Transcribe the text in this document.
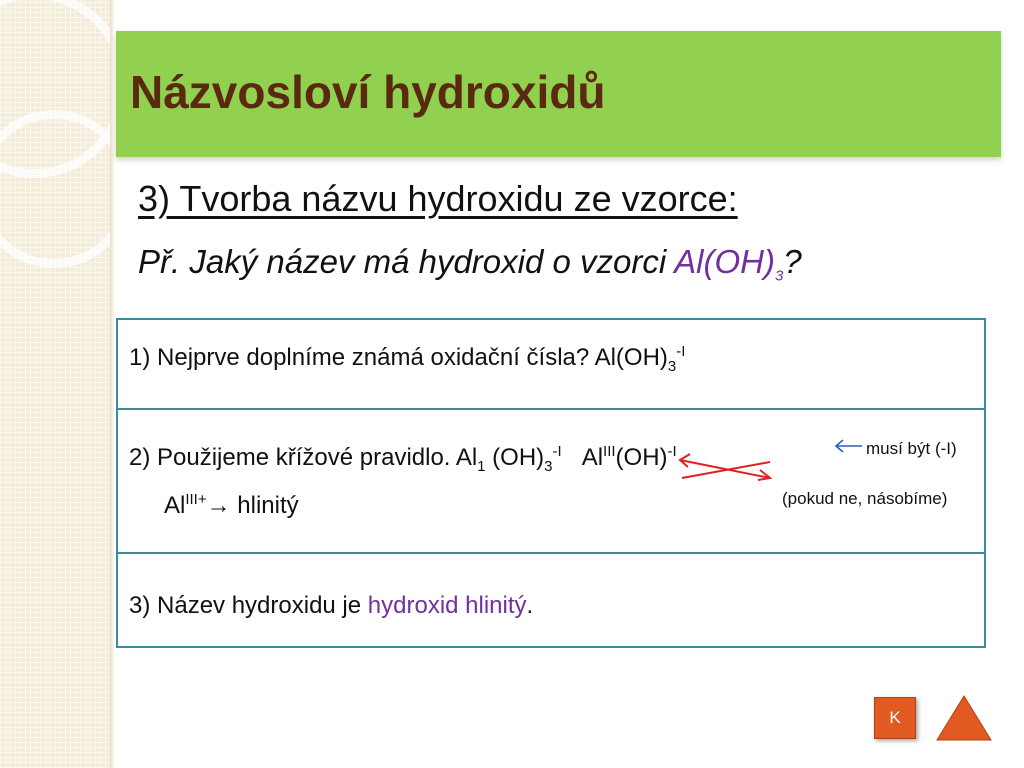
Názvosloví hydroxidů
3) Tvorba názvu hydroxidu ze vzorce:
Př. Jaký název má hydroxid o vzorci $Al(OH)_3$?
1) Nejprve doplníme známá oxidační čísla? $Al(OH)_3^{-I}$
2) Použijeme křížové pravidlo. $Al_1$ $(OH)_3^{-I}$ $Al^{III}(OH)^{-I}$	musí být (-I)
(pokud ne, násobíme)
$Al^{III+}\to$ hlinitý
3) Název hydroxidu je hydroxid hlinitý.
K
